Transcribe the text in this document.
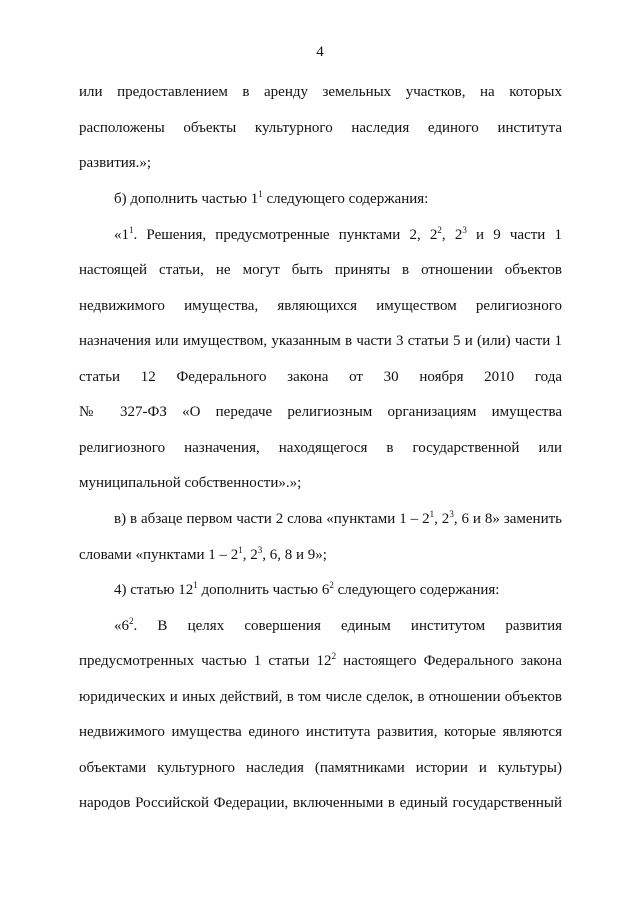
4
или предоставлением в аренду земельных участков, на которых
расположены объекты культурного наследия единого института
развития.»;
б) дополнить частью $1^1$ следующего содержания:
«$1^1$. Решения, предусмотренные пунктами 2, $2^2$, $2^3$ и 9 части 1
настоящей статьи, не могут быть приняты в отношении объектов
недвижимого имущества, являющихся имуществом религиозного
назначения или имуществом, указанным в части 3 статьи 5 и (или) части 1
статьи 12 Федерального закона от 30 ноября 2010 года
№ 327-ФЗ «О передаче религиозным организациям имущества
религиозного назначения, находящегося в государственной или
муниципальной собственности».»;
в) в абзаце первом части 2 слова «пунктами $1 - 2^1$, $2^3$, 6 и 8» заменить
словами «пунктами $1 - 2^1$, $2^3$, 6, 8 и 9»;
4) статью $12^1$ дополнить частью $6^2$ следующего содержания:
«$6^2$. В целях совершения единым институтом развития
предусмотренных частью 1 статьи $12^2$ настоящего Федерального закона
юридических и иных действий, в том числе сделок, в отношении объектов
недвижимого имущества единого института развития, которые являются
объектами культурного наследия (памятниками истории и культуры)
народов Российской Федерации, включенными в единый государственный
